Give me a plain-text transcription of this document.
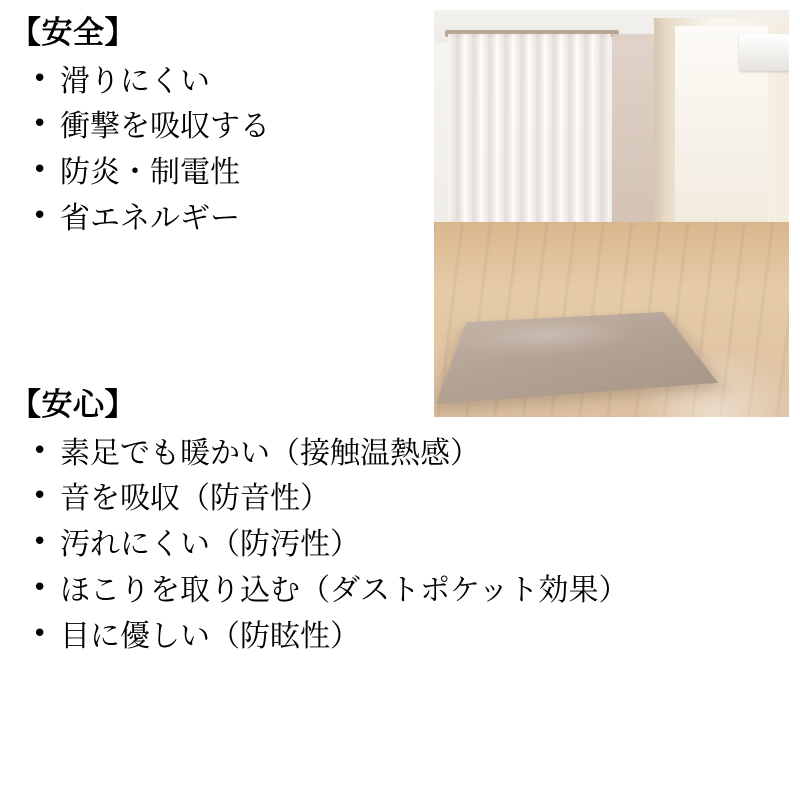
【安全】
• 滑りにくい
• 衝撃を吸収する
• 防炎・制電性
• 省エネルギー
【安心】
• 素足でも暖かい（接触温熱感）
• 音を吸収（防音性）
• 汚れにくい（防汚性）
• ほこりを取り込む（ダストポケット効果）
• 目に優しい（防眩性）
